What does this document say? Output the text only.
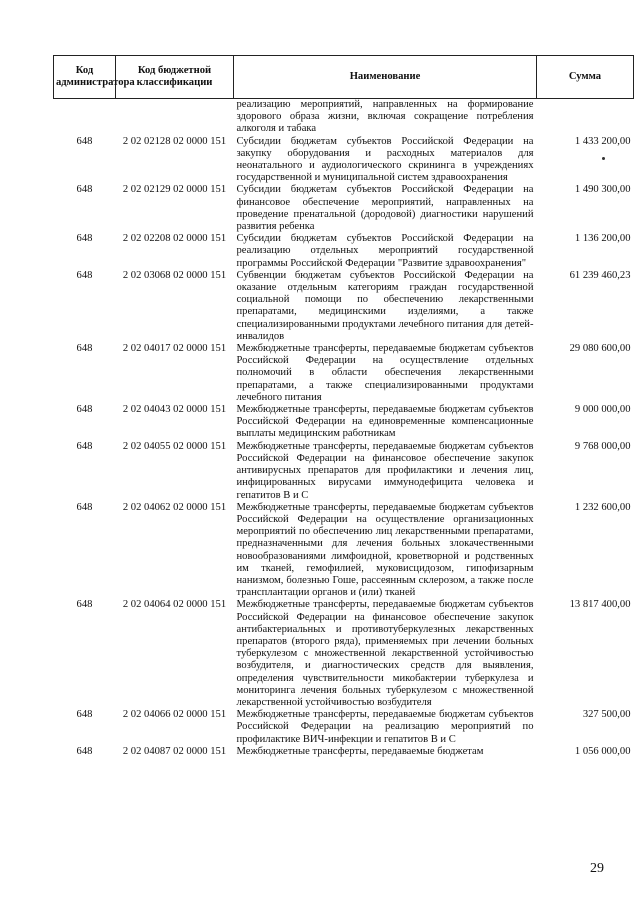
Код администратора	Код бюджетной классификации	Наименование	Сумма
		реализацию мероприятий, направленных на формирование здорового образа жизни, включая сокращение потребления алкоголя и табака	
648	2 02 02128 02 0000 151	Субсидии бюджетам субъектов Российской Федерации на закупку оборудования и расходных материалов для неонатального и аудиологического скрининга в учреждениях государственной и муниципальной систем здравоохранения	1 433 200,00
648	2 02 02129 02 0000 151	Субсидии бюджетам субъектов Российской Федерации на финансовое обеспечение мероприятий, направленных на проведение пренатальной (дородовой) диагностики нарушений развития ребенка	1 490 300,00
648	2 02 02208 02 0000 151	Субсидии бюджетам субъектов Российской Федерации на реализацию отдельных мероприятий государственной программы Российской Федерации "Развитие здравоохранения"	1 136 200,00
648	2 02 03068 02 0000 151	Субвенции бюджетам субъектов Российской Федерации на оказание отдельным категориям граждан государственной социальной помощи по обеспечению лекарственными препаратами, медицинскими изделиями, а также специализированными продуктами лечебного питания для детей-инвалидов	61 239 460,23
648	2 02 04017 02 0000 151	Межбюджетные трансферты, передаваемые бюджетам субъектов Российской Федерации на осуществление отдельных полномочий в области обеспечения лекарственными препаратами, а также специализированными продуктами лечебного питания	29 080 600,00
648	2 02 04043 02 0000 151	Межбюджетные трансферты, передаваемые бюджетам субъектов Российской Федерации на единовременные компенсационные выплаты медицинским работникам	9 000 000,00
648	2 02 04055 02 0000 151	Межбюджетные трансферты, передаваемые бюджетам субъектов Российской Федерации на финансовое обеспечение закупок антивирусных препаратов для профилактики и лечения лиц, инфицированных вирусами иммунодефицита человека и гепатитов В и С	9 768 000,00
648	2 02 04062 02 0000 151	Межбюджетные трансферты, передаваемые бюджетам субъектов Российской Федерации на осуществление организационных мероприятий по обеспечению лиц лекарственными препаратами, предназначенными для лечения больных злокачественными новообразованиями лимфоидной, кроветворной и родственных им тканей, гемофилией, муковисцидозом, гипофизарным нанизмом, болезнью Гоше, рассеянным склерозом, а также после трансплантации органов и (или) тканей	1 232 600,00
648	2 02 04064 02 0000 151	Межбюджетные трансферты, передаваемые бюджетам субъектов Российской Федерации на финансовое обеспечение закупок антибактериальных и противотуберкулезных лекарственных препаратов (второго ряда), применяемых при лечении больных туберкулезом с множественной лекарственной устойчивостью возбудителя, и диагностических средств для выявления, определения чувствительности микобактерии туберкулеза и мониторинга лечения больных туберкулезом с множественной лекарственной устойчивостью возбудителя	13 817 400,00
648	2 02 04066 02 0000 151	Межбюджетные трансферты, передаваемые бюджетам субъектов Российской Федерации на реализацию мероприятий по профилактике ВИЧ-инфекции и гепатитов В и С	327 500,00
648	2 02 04087 02 0000 151	Межбюджетные трансферты, передаваемые бюджетам	1 056 000,00
29
